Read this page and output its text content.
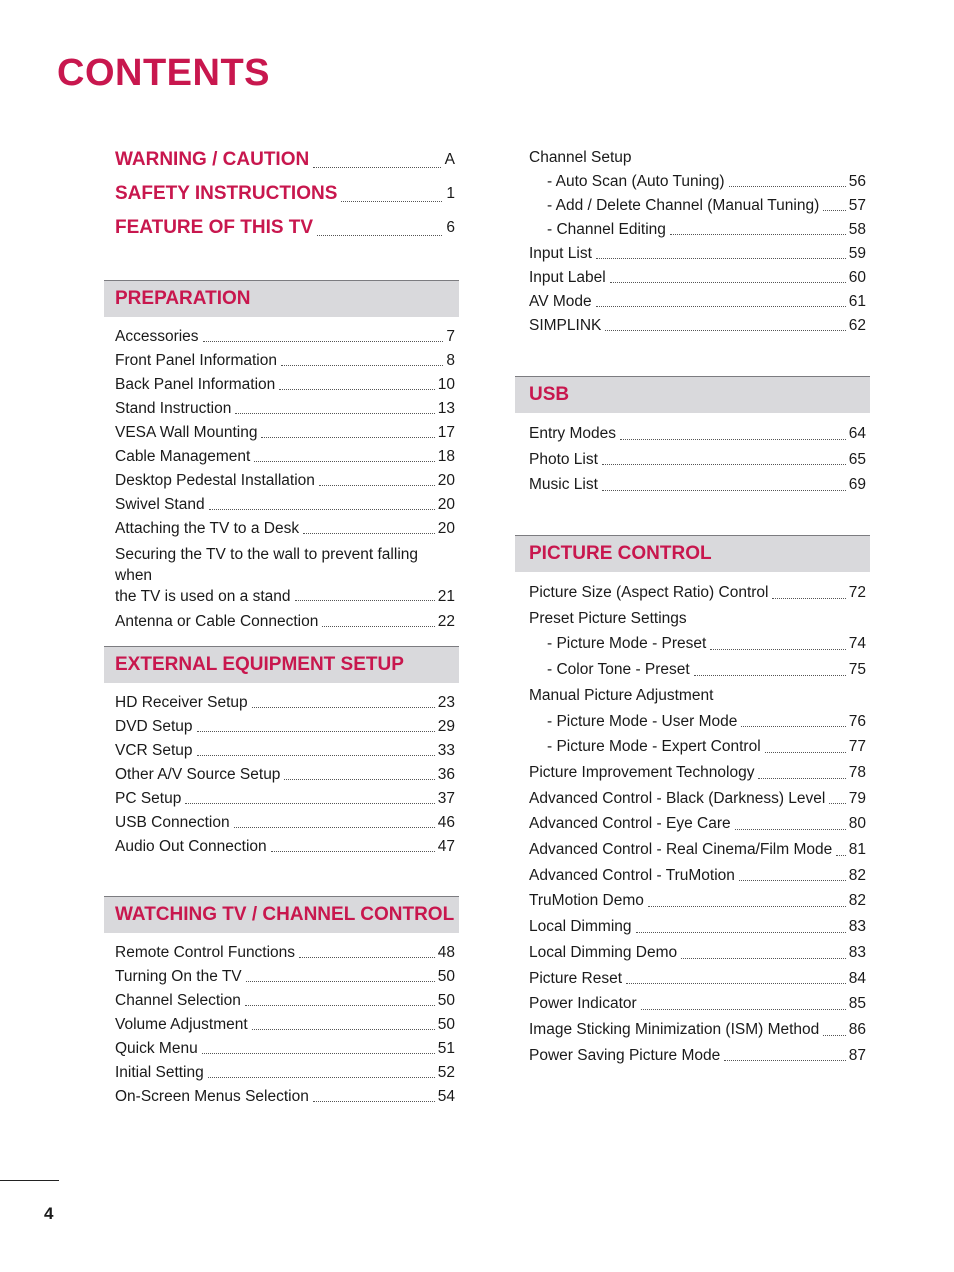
CONTENTS
WARNING / CAUTION	A
SAFETY INSTRUCTIONS	1
FEATURE OF THIS TV	6
PREPARATION
Accessories	7
Front Panel Information	8
Back Panel Information	10
Stand Instruction	13
VESA Wall Mounting	17
Cable Management	18
Desktop Pedestal Installation	20
Swivel Stand	20
Attaching the TV to a Desk	20
Securing the TV to the wall to prevent falling when
the TV is used on a stand	21
Antenna or Cable Connection	22
EXTERNAL EQUIPMENT SETUP
HD Receiver Setup	23
DVD Setup	29
VCR Setup	33
Other A/V Source Setup	36
PC Setup	37
USB Connection	46
Audio Out Connection	47
WATCHING TV / CHANNEL CONTROL
Remote Control Functions	48
Turning On the TV	50
Channel Selection	50
Volume Adjustment	50
Quick Menu	51
Initial Setting	52
On-Screen Menus Selection	54
Channel Setup
- Auto Scan (Auto Tuning)	56
- Add / Delete Channel (Manual Tuning) 57
- Channel Editing	58
Input List	59
Input Label	60
AV Mode	61
SIMPLINK	62
USB
Entry Modes	64
Photo List	65
Music List	69
PICTURE CONTROL
Picture Size (Aspect Ratio) Control	72
Preset Picture Settings
- Picture Mode - Preset	74
- Color Tone - Preset	75
Manual Picture Adjustment
- Picture Mode - User Mode	76
- Picture Mode - Expert Control	77
Picture Improvement Technology	78
Advanced Control - Black (Darkness) Level 79
Advanced Control - Eye Care	80
Advanced Control - Real Cinema/Film Mode 81
Advanced Control - TruMotion	82
TruMotion Demo	82
Local Dimming	83
Local Dimming Demo	83
Picture Reset	84
Power Indicator	85
Image Sticking Minimization (ISM) Method 86
Power Saving Picture Mode	87
4
